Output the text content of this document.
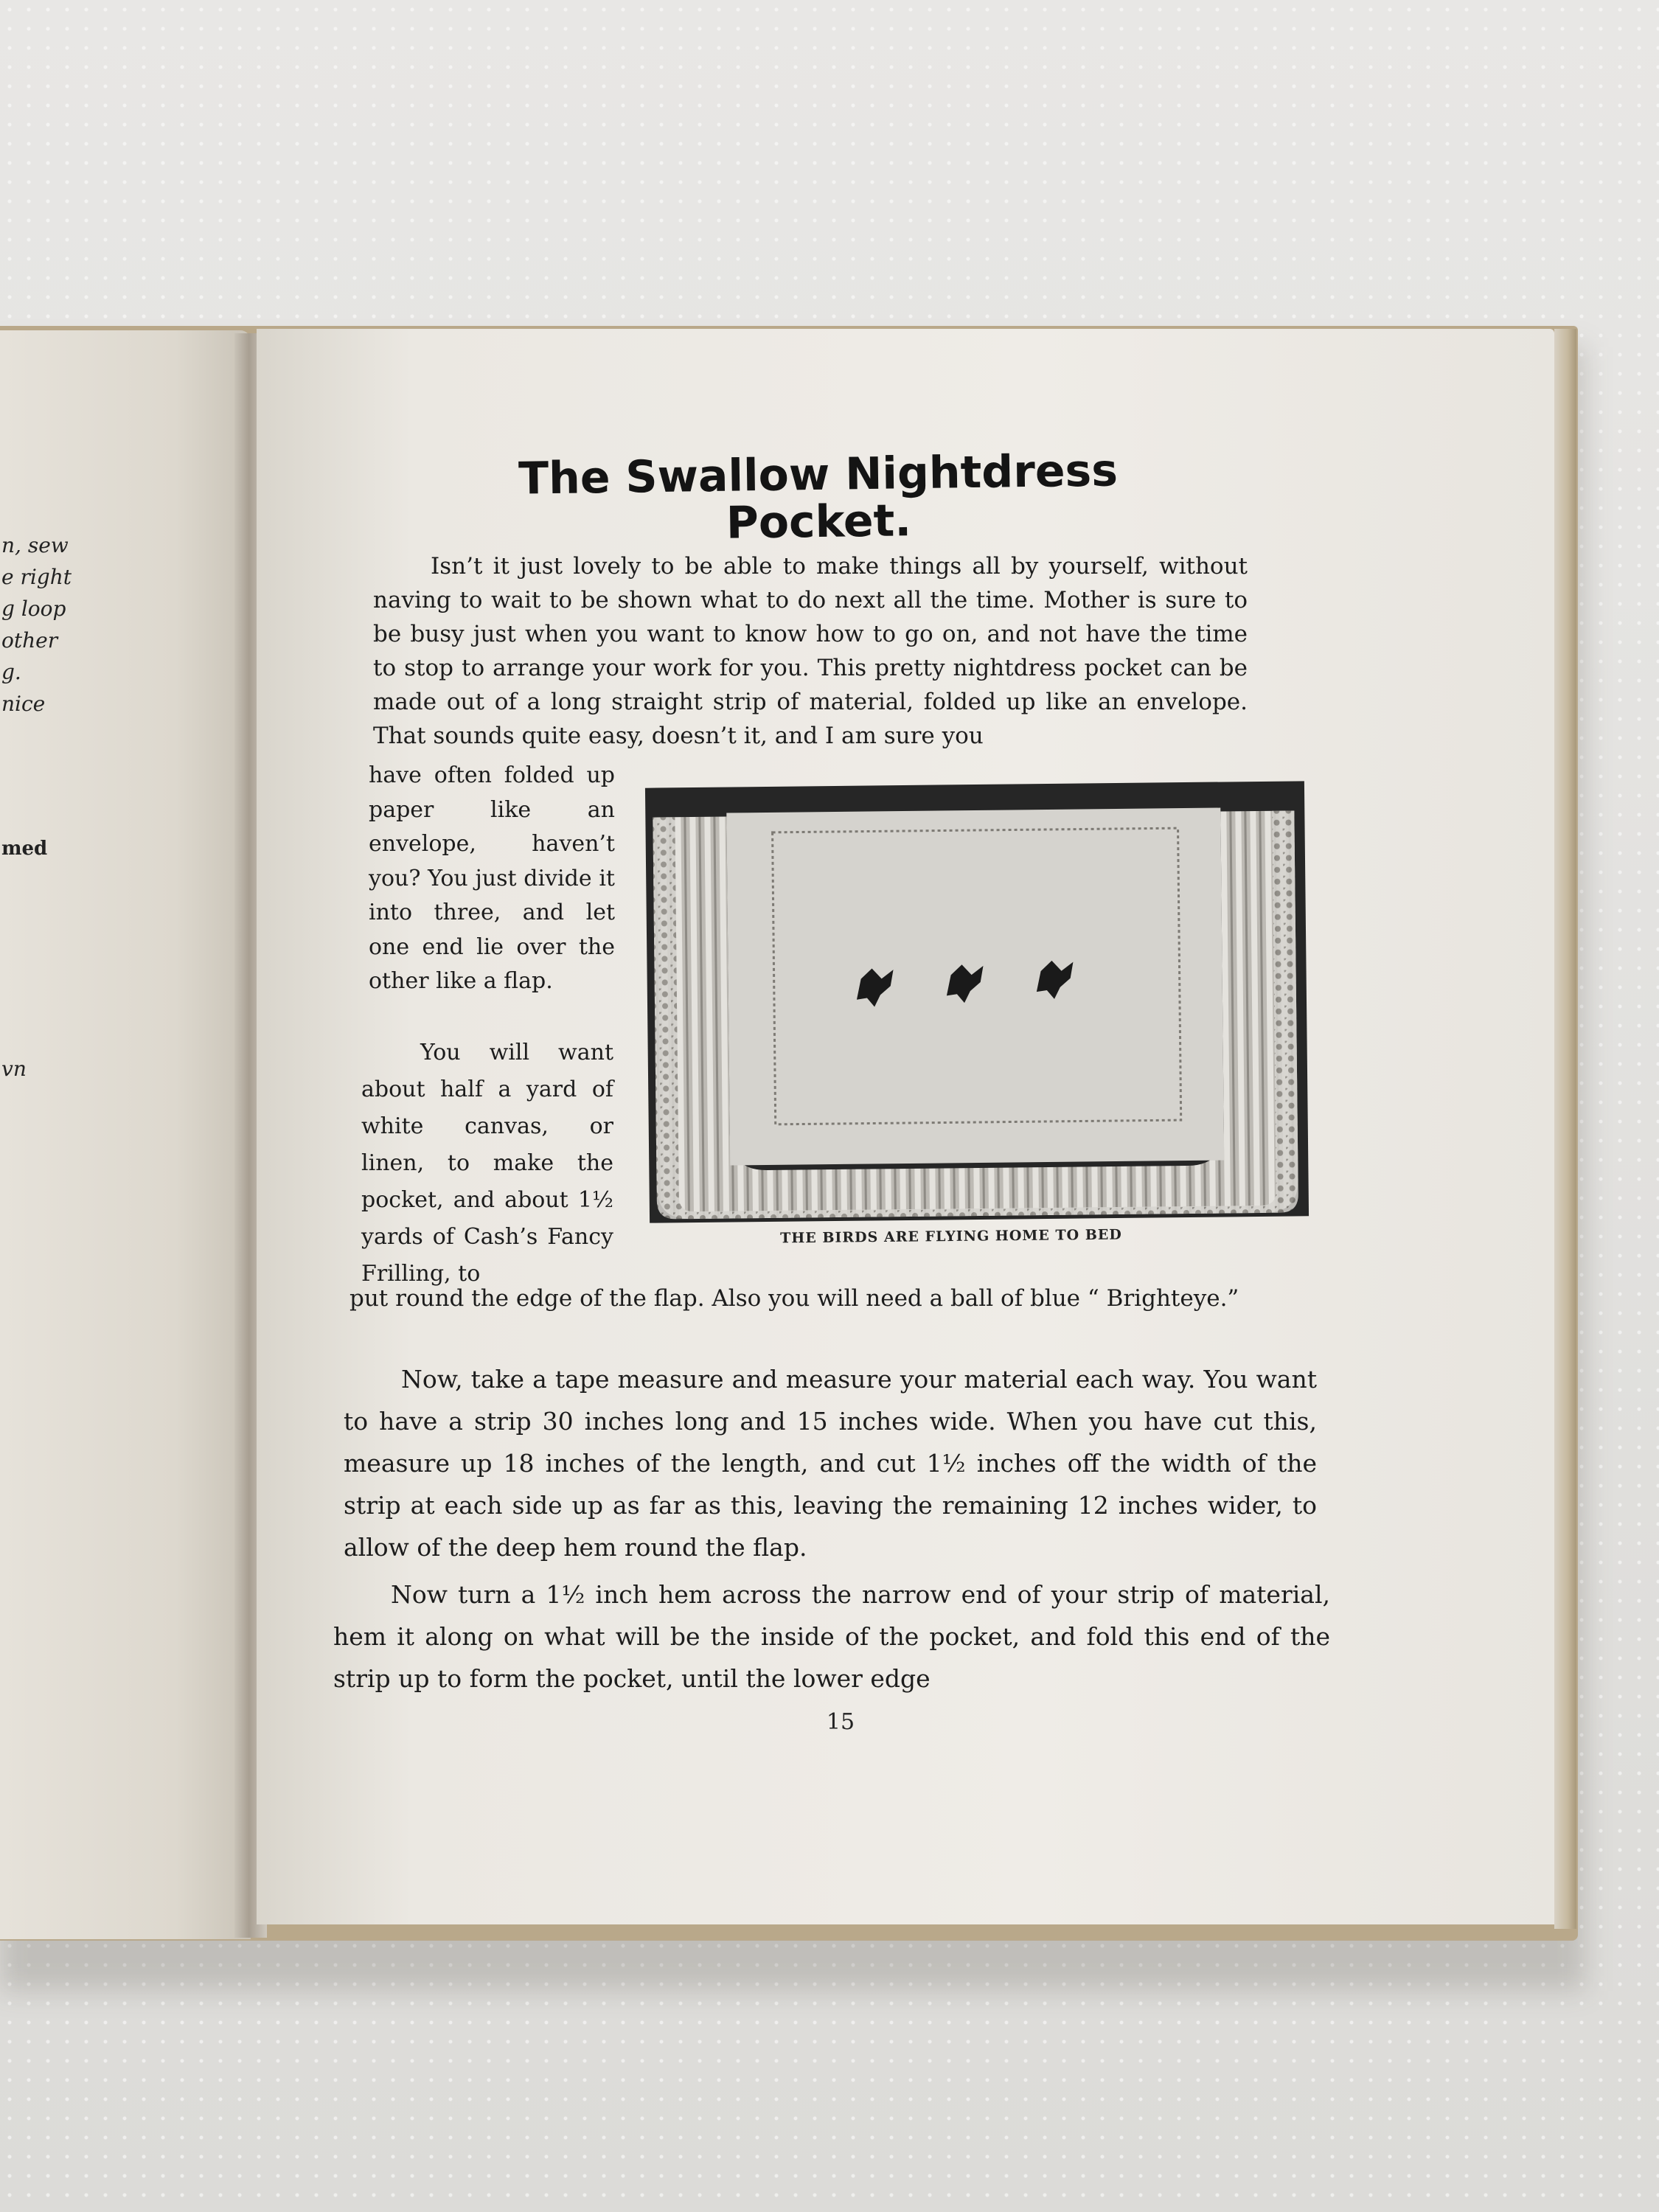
n, sew
e right
g loop
other
g.
nice
med
vn
The Swallow Nightdress
Pocket.

Isn’t it just lovely to be able to make things all by yourself, without naving to wait to be shown what to do next all the time. Mother is sure to be busy just when you want to know how to go on, and not have the time to stop to arrange your work for you. This pretty nightdress pocket can be made out of a long straight strip of material, folded up like an envelope. That sounds quite easy, doesn’t it, and I am sure you

have often folded up paper like an envelope, haven’t you? You just divide it into three, and let one end lie over the other like a flap.

You will want about half a yard of white canvas, or linen, to make the pocket, and about 1½ yards of Cash’s Fancy Frilling, to

put round the edge of the flap. Also you will need a ball of blue “ Brighteye.”

Now, take a tape measure and measure your material each way. You want to have a strip 30 inches long and 15 inches wide. When you have cut this, measure up 18 inches of the length, and cut 1½ inches off the width of the strip at each side up as far as this, leaving the remaining 12 inches wider, to allow of the deep hem round the flap.

Now turn a 1½ inch hem across the narrow end of your strip of material, hem it along on what will be the inside of the pocket, and fold this end of the strip up to form the pocket, until the lower edge

THE BIRDS ARE FLYING HOME TO BED
15
